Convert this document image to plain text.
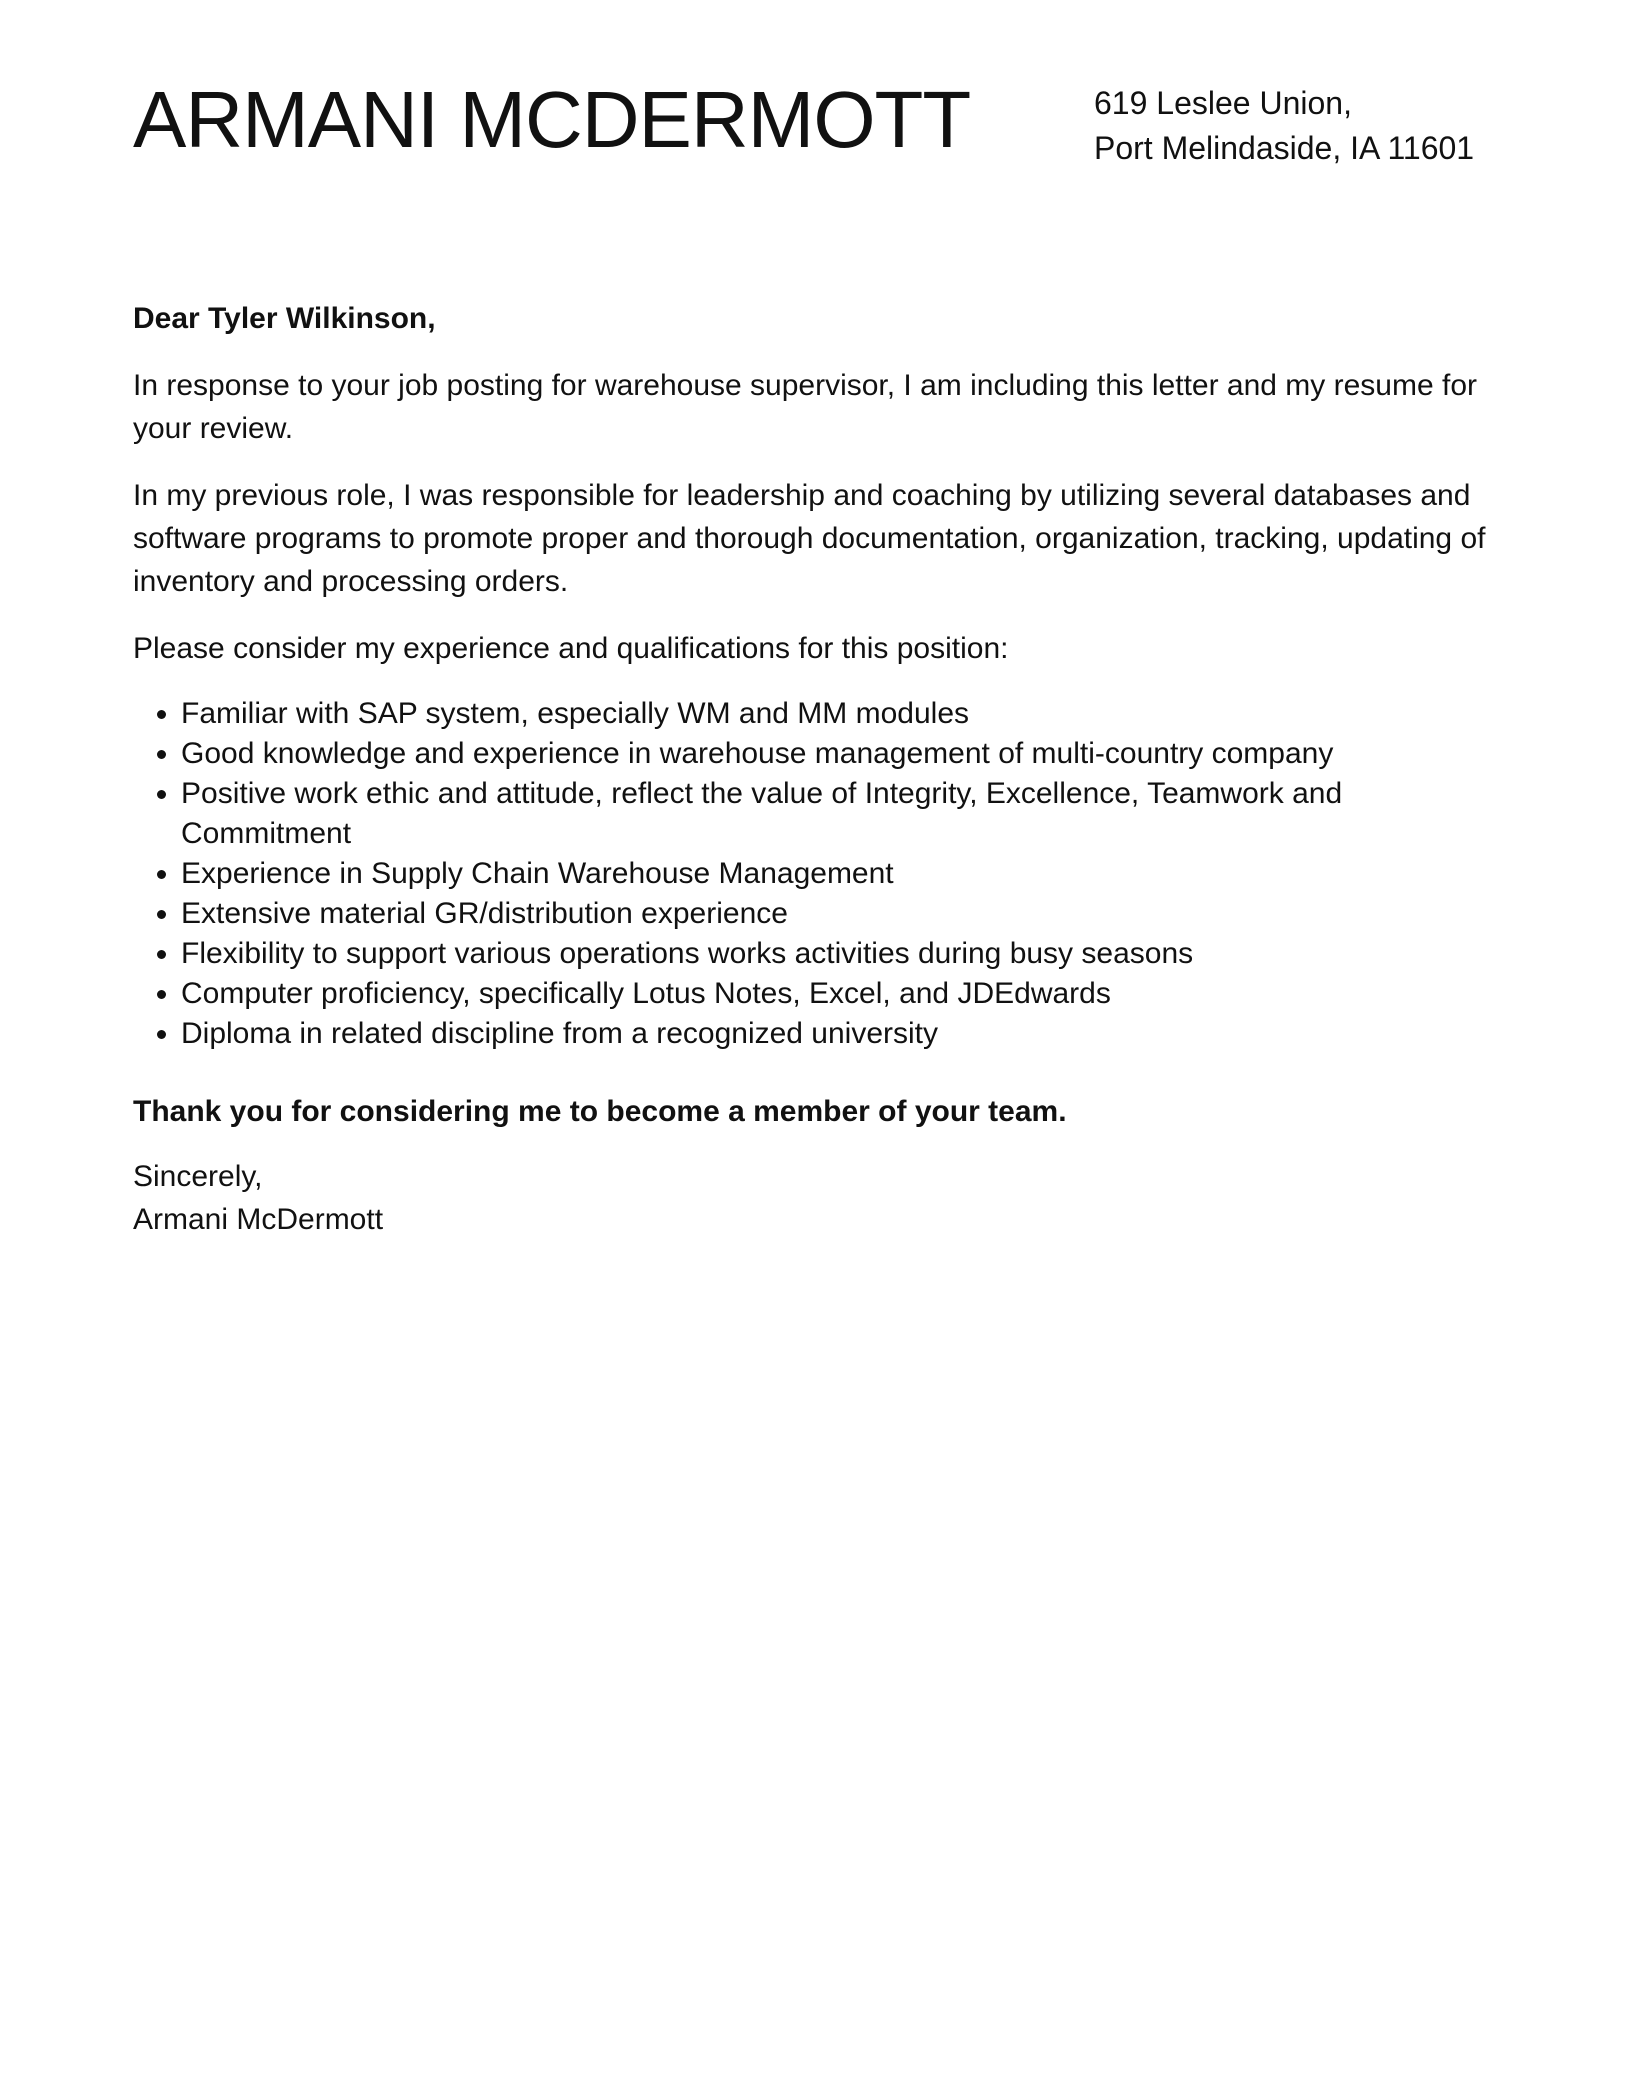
ARMANI MCDERMOTT	619 Leslee Union,
Port Melindaside, IA 11601

Dear Tyler Wilkinson,

In response to your job posting for warehouse supervisor, I am including this letter and my resume for your review.

In my previous role, I was responsible for leadership and coaching by utilizing several databases and software programs to promote proper and thorough documentation, organization, tracking, updating of inventory and processing orders.

Please consider my experience and qualifications for this position:

• Familiar with SAP system, especially WM and MM modules
• Good knowledge and experience in warehouse management of multi-country company
• Positive work ethic and attitude, reflect the value of Integrity, Excellence, Teamwork and Commitment
• Experience in Supply Chain Warehouse Management
• Extensive material GR/distribution experience
• Flexibility to support various operations works activities during busy seasons
• Computer proficiency, specifically Lotus Notes, Excel, and JDEdwards
• Diploma in related discipline from a recognized university

Thank you for considering me to become a member of your team.

Sincerely,
Armani McDermott
